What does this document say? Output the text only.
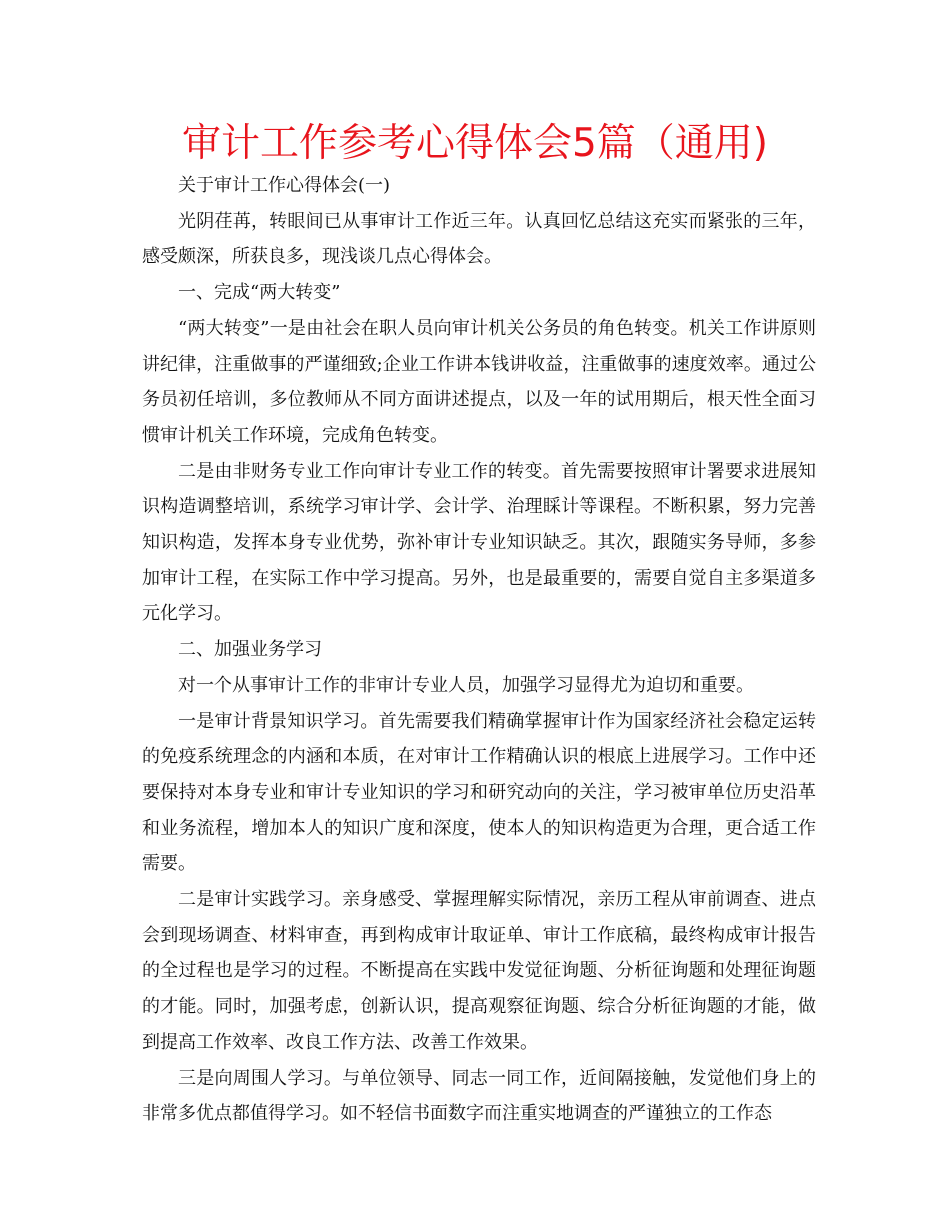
审计工作参考心得体会5篇（通用)

关于审计工作心得体会(一)

光阴荏苒，转眼间已从事审计工作近三年。认真回忆总结这充实而紧张的三年，感受颇深，所获良多，现浅谈几点心得体会。

一、完成“两大转变”

“两大转变”一是由社会在职人员向审计机关公务员的角色转变。机关工作讲原则讲纪律，注重做事的严谨细致;企业工作讲本钱讲收益，注重做事的速度效率。通过公务员初任培训，多位教师从不同方面讲述提点，以及一年的试用期后，根天性全面习惯审计机关工作环境，完成角色转变。

二是由非财务专业工作向审计专业工作的转变。首先需要按照审计署要求进展知识构造调整培训，系统学习审计学、会计学、治理睬计等课程。不断积累，努力完善知识构造，发挥本身专业优势，弥补审计专业知识缺乏。其次，跟随实务导师，多参加审计工程，在实际工作中学习提高。另外，也是最重要的，需要自觉自主多渠道多元化学习。

二、加强业务学习

对一个从事审计工作的非审计专业人员，加强学习显得尤为迫切和重要。

一是审计背景知识学习。首先需要我们精确掌握审计作为国家经济社会稳定运转的免疫系统理念的内涵和本质，在对审计工作精确认识的根底上进展学习。工作中还要保持对本身专业和审计专业知识的学习和研究动向的关注，学习被审单位历史沿革和业务流程，增加本人的知识广度和深度，使本人的知识构造更为合理，更合适工作需要。

二是审计实践学习。亲身感受、掌握理解实际情况，亲历工程从审前调查、进点会到现场调查、材料审查，再到构成审计取证单、审计工作底稿，最终构成审计报告的全过程也是学习的过程。不断提高在实践中发觉征询题、分析征询题和处理征询题的才能。同时，加强考虑，创新认识，提高观察征询题、综合分析征询题的才能，做到提高工作效率、改良工作方法、改善工作效果。

三是向周围人学习。与单位领导、同志一同工作，近间隔接触，发觉他们身上的非常多优点都值得学习。如不轻信书面数字而注重实地调查的严谨独立的工作态
